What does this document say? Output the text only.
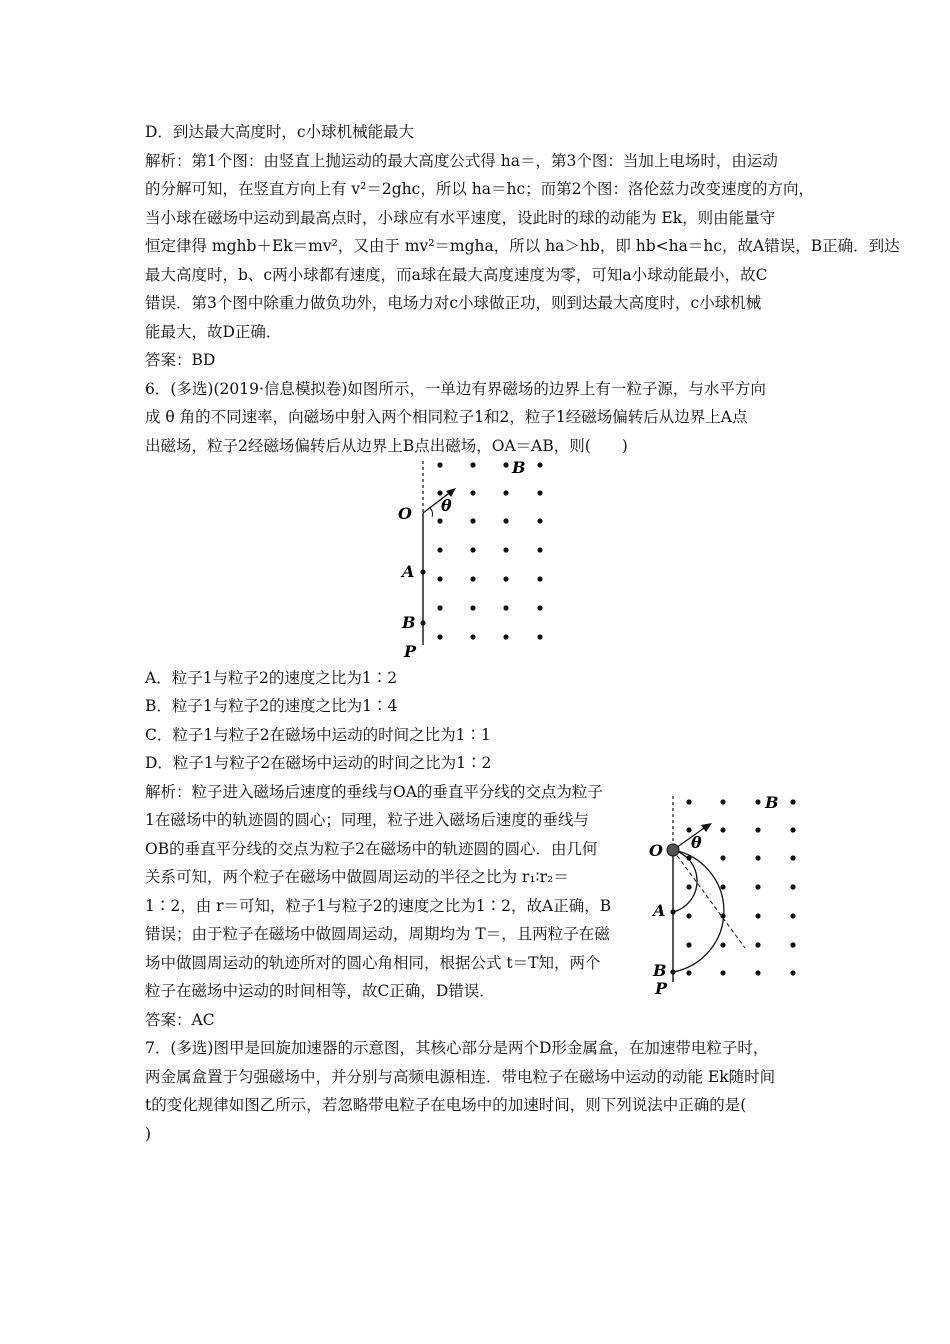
D．到达最大高度时，c小球机械能最大
解析：第1个图：由竖直上抛运动的最大高度公式得 ha＝，第3个图：当加上电场时，由运动
的分解可知，在竖直方向上有 v²＝2ghc，所以 ha＝hc；而第2个图：洛伦兹力改变速度的方向，
当小球在磁场中运动到最高点时，小球应有水平速度，设此时的球的动能为 Ek，则由能量守
恒定律得 mghb＋Ek＝mv²，又由于 mv²＝mgha，所以 ha＞hb，即 hb<ha＝hc，故A错误，B正确．到达
最大高度时，b、c两小球都有速度，而a球在最大高度速度为零，可知a小球动能最小，故C
错误．第3个图中除重力做负功外，电场力对c小球做正功，则到达最大高度时，c小球机械
能最大，故D正确．
答案：BD
6．(多选)(2019·信息模拟卷)如图所示，一单边有界磁场的边界上有一粒子源，与水平方向
成 θ 角的不同速率，向磁场中射入两个相同粒子1和2，粒子1经磁场偏转后从边界上A点
出磁场，粒子2经磁场偏转后从边界上B点出磁场，OA＝AB，则(　　)
O
A
B
B
P
θ
A．粒子1与粒子2的速度之比为1∶2
B．粒子1与粒子2的速度之比为1∶4
C．粒子1与粒子2在磁场中运动的时间之比为1∶1
D．粒子1与粒子2在磁场中运动的时间之比为1∶2
解析：粒子进入磁场后速度的垂线与OA的垂直平分线的交点为粒子
1在磁场中的轨迹圆的圆心；同理，粒子进入磁场后速度的垂线与
OB的垂直平分线的交点为粒子2在磁场中的轨迹圆的圆心．由几何
关系可知，两个粒子在磁场中做圆周运动的半径之比为 r₁∶r₂＝
1∶2，由 r＝可知，粒子1与粒子2的速度之比为1∶2，故A正确，B
错误；由于粒子在磁场中做圆周运动，周期均为 T＝，且两粒子在磁
场中做圆周运动的轨迹所对的圆心角相同，根据公式 t＝T知，两个
粒子在磁场中运动的时间相等，故C正确，D错误．
答案：AC
O
A
B
B
P
θ
7．(多选)图甲是回旋加速器的示意图，其核心部分是两个D形金属盒，在加速带电粒子时，
两金属盒置于匀强磁场中，并分别与高频电源相连．带电粒子在磁场中运动的动能 Ek随时间
t的变化规律如图乙所示，若忽略带电粒子在电场中的加速时间，则下列说法中正确的是(
)
